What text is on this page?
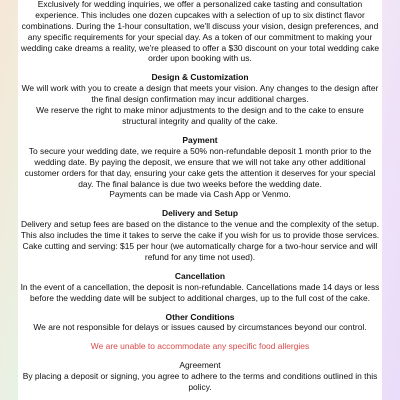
Exclusively for wedding inquiries, we offer a personalized cake tasting and consultation experience. This includes one dozen cupcakes with a selection of up to six distinct flavor combinations. During the 1-hour consultation, we'll discuss your vision, design preferences, and any specific requirements for your special day. As a token of our commitment to making your wedding cake dreams a reality, we're pleased to offer a $30 discount on your total wedding cake order upon booking with us.

Design & Customization

We will work with you to create a design that meets your vision. Any changes to the design after the final design confirmation may incur additional charges.

We reserve the right to make minor adjustments to the design and to the cake to ensure structural integrity and quality of the cake.

Payment

To secure your wedding date, we require a 50% non-refundable deposit 1 month prior to the wedding date. By paying the deposit, we ensure that we will not take any other additional customer orders for that day, ensuring your cake gets the attention it deserves for your special day. The final balance is due two weeks before the wedding date.

Payments can be made via Cash App or Venmo.

Delivery and Setup

Delivery and setup fees are based on the distance to the venue and the complexity of the setup. This also includes the time it takes to serve the cake if you wish for us to provide those services.

Cake cutting and serving: $15 per hour (we automatically charge for a two-hour service and will refund for any time not used).

Cancellation

In the event of a cancellation, the deposit is non-refundable. Cancellations made 14 days or less before the wedding date will be subject to additional charges, up to the full cost of the cake.

Other Conditions

We are not responsible for delays or issues caused by circumstances beyond our control.

We are unable to accommodate any specific food allergies

Agreement

By placing a deposit or signing, you agree to adhere to the terms and conditions outlined in this policy.
